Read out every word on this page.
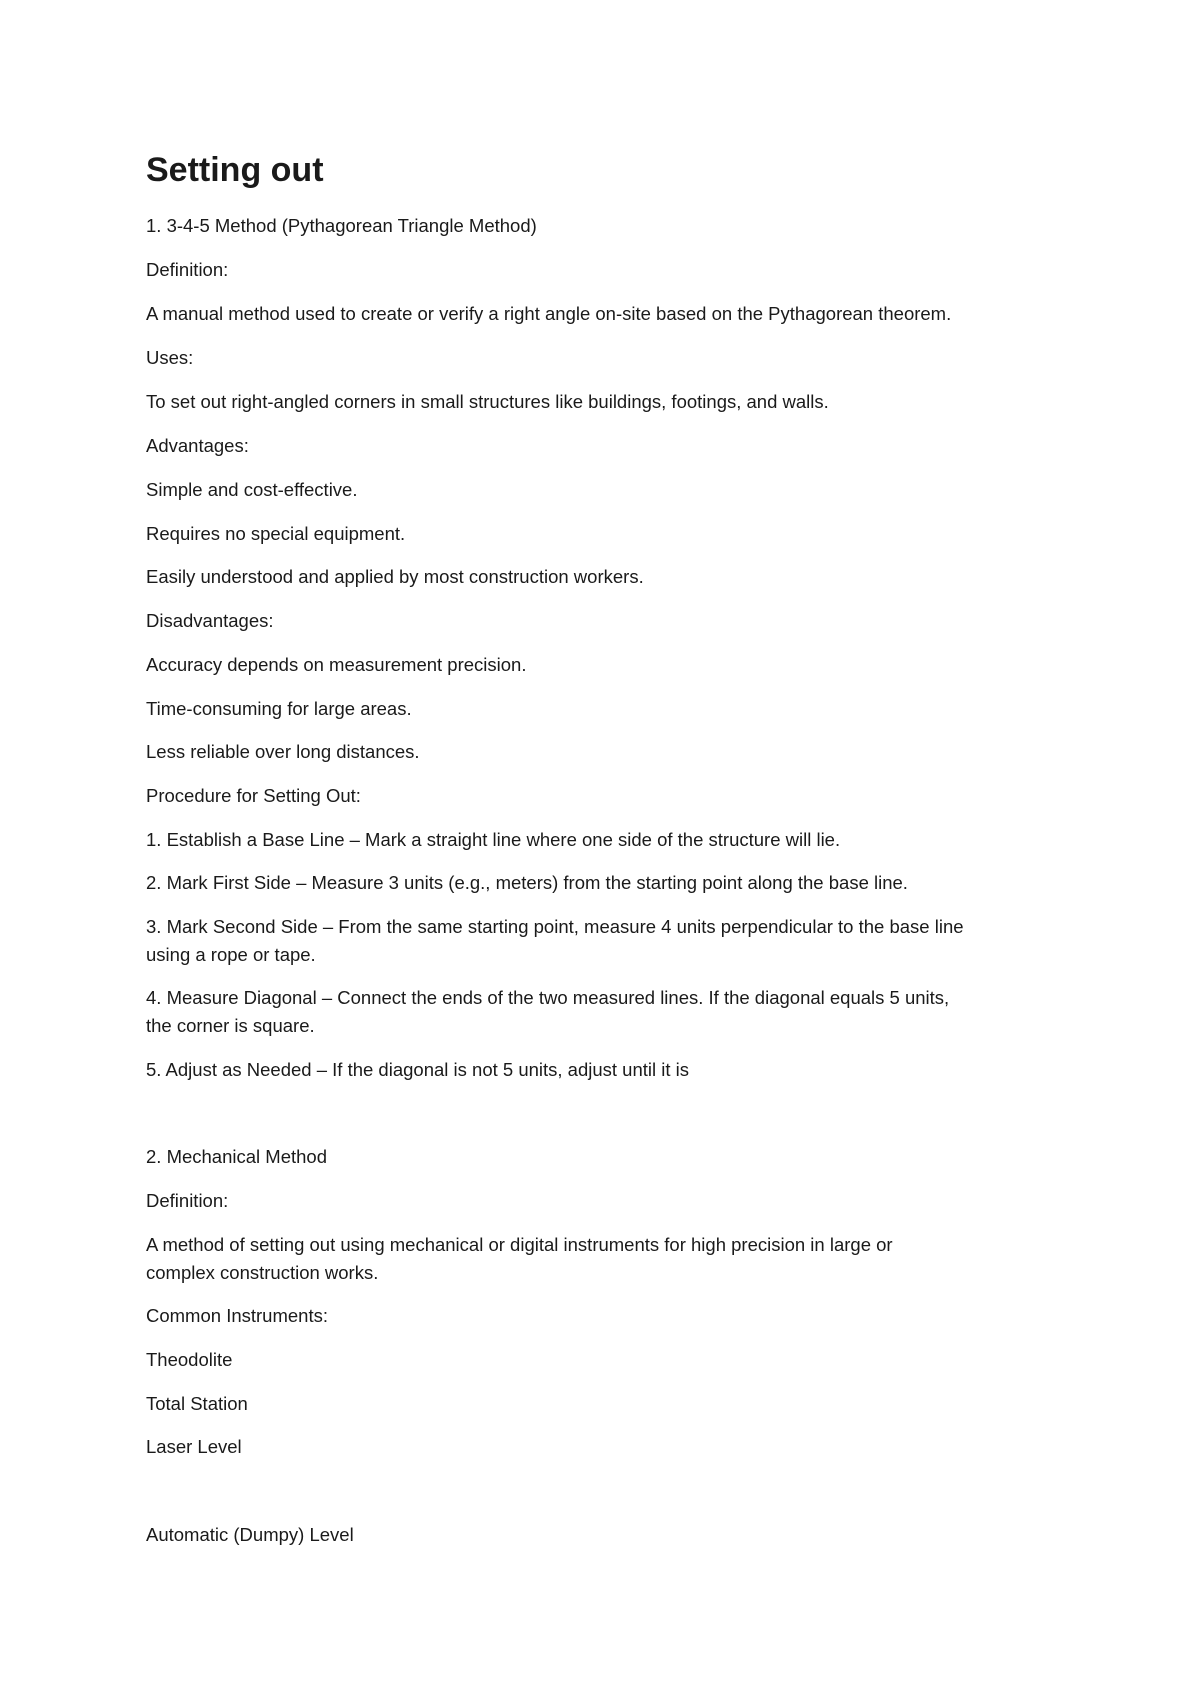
Setting out

1. 3-4-5 Method (Pythagorean Triangle Method)

Definition:

A manual method used to create or verify a right angle on-site based on the Pythagorean theorem.

Uses:

To set out right-angled corners in small structures like buildings, footings, and walls.

Advantages:

Simple and cost-effective.

Requires no special equipment.

Easily understood and applied by most construction workers.

Disadvantages:

Accuracy depends on measurement precision.

Time-consuming for large areas.

Less reliable over long distances.

Procedure for Setting Out:

1. Establish a Base Line – Mark a straight line where one side of the structure will lie.

2. Mark First Side – Measure 3 units (e.g., meters) from the starting point along the base line.

3. Mark Second Side – From the same starting point, measure 4 units perpendicular to the base line

using a rope or tape.

4. Measure Diagonal – Connect the ends of the two measured lines. If the diagonal equals 5 units,

the corner is square.

5. Adjust as Needed – If the diagonal is not 5 units, adjust until it is

2. Mechanical Method

Definition:

A method of setting out using mechanical or digital instruments for high precision in large or

complex construction works.

Common Instruments:

Theodolite

Total Station

Laser Level

Automatic (Dumpy) Level
